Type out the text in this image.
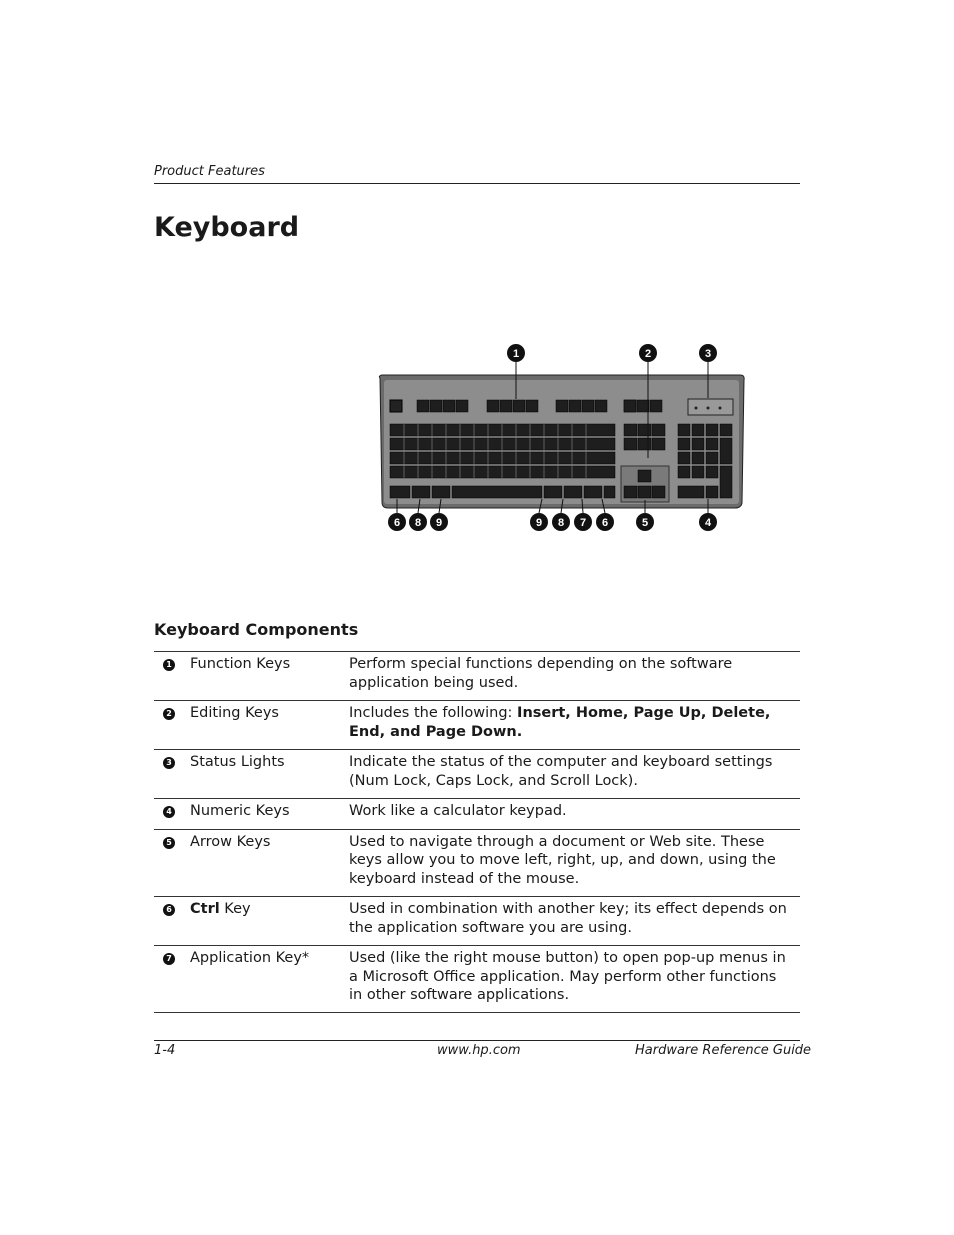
Product Features
Keyboard
1	2	3
6 8 9	9 8 7 6	5	4
Keyboard Components
1	Function Keys	Perform special functions depending on the software application being used.
2	Editing Keys	Includes the following: Insert, Home, Page Up, Delete, End, and Page Down.
3	Status Lights	Indicate the status of the computer and keyboard settings
(Num Lock, Caps Lock, and Scroll Lock).

4	Numeric Keys	Work like a calculator keypad.
5	Arrow Keys	Used to navigate through a document or Web site. These keys allow you to move left, right, up, and down, using the keyboard instead of the mouse.
6	Ctrl Key	Used in combination with another key; its effect depends on the application software you are using.
7	Application Key*	Used (like the right mouse button) to open pop-up menus in a Microsoft Office application. May perform other functions in other software applications.
1-4	www.hp.com	Hardware Reference Guide
